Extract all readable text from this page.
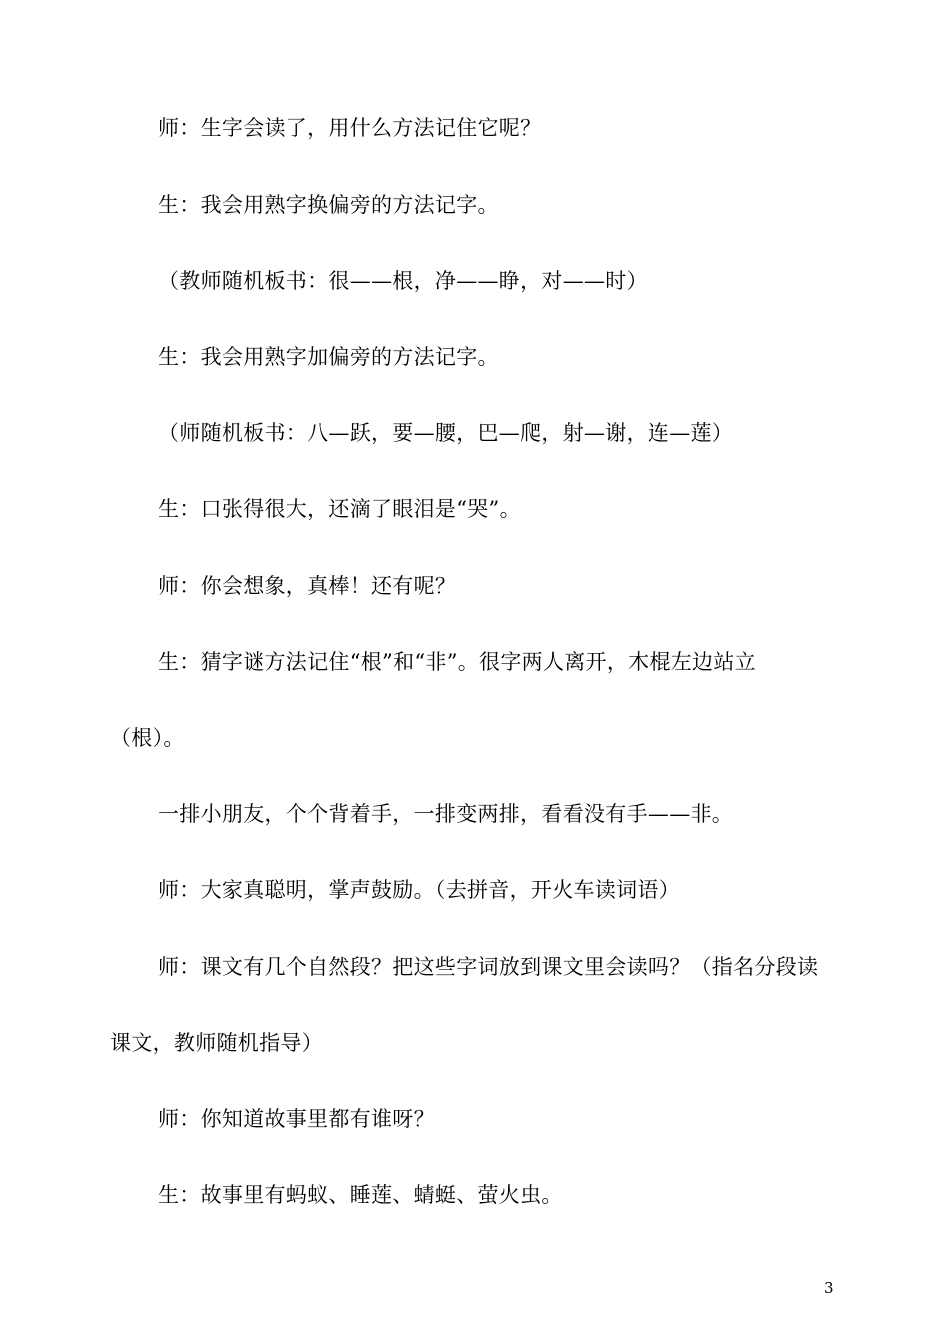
师：生字会读了，用什么方法记住它呢？
生：我会用熟字换偏旁的方法记字。
（教师随机板书：很——根，净——睁，对——时）
生：我会用熟字加偏旁的方法记字。
（师随机板书：八—跃，要—腰，巴—爬，射—谢，连—莲）
生：口张得很大，还滴了眼泪是“哭”。
师：你会想象，真棒！还有呢？
生：猜字谜方法记住“根”和“非”。很字两人离开，木棍左边站立
（根）。
一排小朋友，个个背着手，一排变两排，看看没有手——非。
师：大家真聪明，掌声鼓励。（去拼音，开火车读词语）
师：课文有几个自然段？把这些字词放到课文里会读吗？（指名分段读
课文，教师随机指导）
师：你知道故事里都有谁呀？
生：故事里有蚂蚁、睡莲、蜻蜓、萤火虫。
3
